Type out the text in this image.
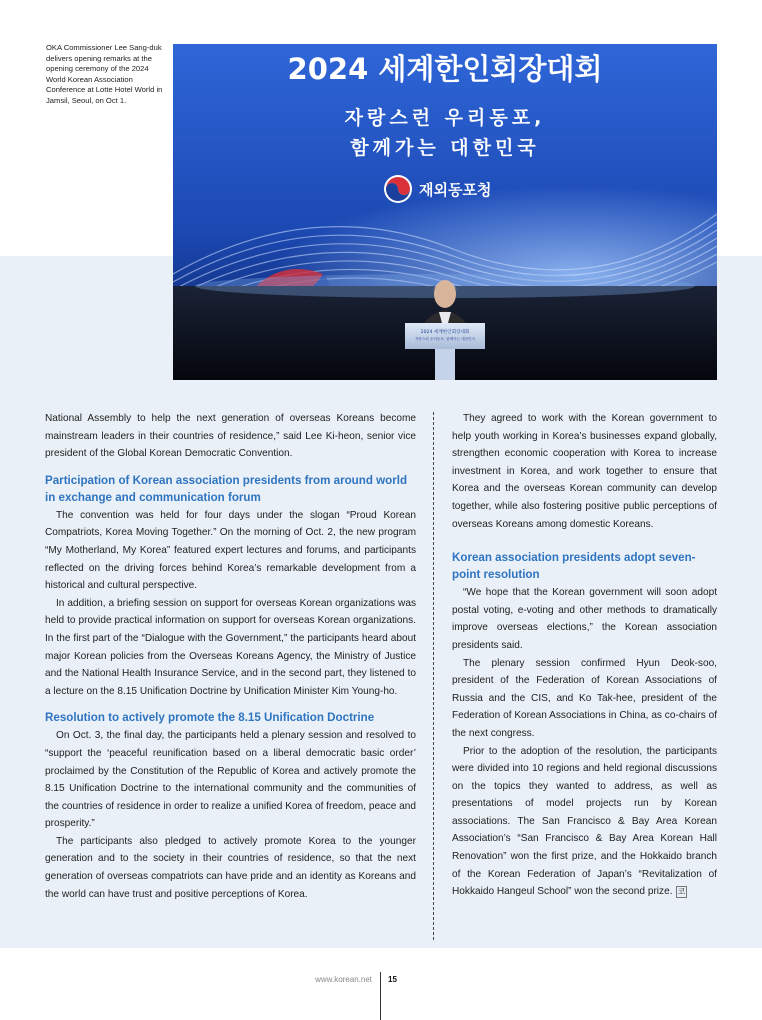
OKA Commissioner Lee Sang-duk delivers opening remarks at the opening ceremony of the 2024 World Korean Association Conference at Lotte Hotel World in Jamsil, Seoul, on Oct 1.
2024 세계한인회장대회
자랑스런 우리동포,
함께가는 대한민국
재외동포청
2024 세계한인회장대회
자랑스런 우리동포, 함께가는 대한민국

National Assembly to help the next generation of overseas Koreans become mainstream leaders in their countries of residence,” said Lee Ki-heon, senior vice president of the Global Korean Democratic Convention.

Participation of Korean association presidents from around world in exchange and communication forum

The convention was held for four days under the slogan “Proud Korean Compatriots, Korea Moving Together.” On the morning of Oct. 2, the new program “My Motherland, My Korea” featured expert lectures and forums, and participants reflected on the driving forces behind Korea’s remarkable development from a historical and cultural perspective.

In addition, a briefing session on support for overseas Korean organizations was held to provide practical information on support for overseas Korean organizations. In the first part of the “Dialogue with the Government,” the participants heard about major Korean policies from the Overseas Koreans Agency, the Ministry of Justice and the National Health Insurance Service, and in the second part, they listened to a lecture on the 8.15 Unification Doctrine by Unification Minister Kim Young-ho.

Resolution to actively promote the 8.15 Unification Doctrine

On Oct. 3, the final day, the participants held a plenary session and resolved to “support the ‘peaceful reunification based on a liberal democratic basic order’ proclaimed by the Constitution of the Republic of Korea and actively promote the 8.15 Unification Doctrine to the international community and the communities of the countries of residence in order to realize a unified Korea of freedom, peace and prosperity.”

The participants also pledged to actively promote Korea to the younger generation and to the society in their countries of residence, so that the next generation of overseas compatriots can have pride and an identity as Koreans and the world can have trust and positive perceptions of Korea.

They agreed to work with the Korean government to help youth working in Korea’s businesses expand globally, strengthen economic cooperation with Korea to increase investment in Korea, and work together to ensure that Korea and the overseas Korean community can develop together, while also fostering positive public perceptions of overseas Koreans among domestic Koreans.

Korean association presidents adopt seven-point resolution

“We hope that the Korean government will soon adopt postal voting, e-voting and other methods to dramatically improve overseas elections,” the Korean association presidents said.

The plenary session confirmed Hyun Deok-soo, president of the Federation of Korean Associations of Russia and the CIS, and Ko Tak-hee, president of the Federation of Korean Associations in China, as co-chairs of the next congress.

Prior to the adoption of the resolution, the participants were divided into 10 regions and held regional discussions on the topics they wanted to address, as well as presentations of model projects run by Korean associations. The San Francisco & Bay Area Korean Association’s “San Francisco & Bay Area Korean Hall Renovation” won the first prize, and the Hokkaido branch of the Korean Federation of Japan’s “Revitalization of Hokkaido Hangeul School” won the second prize. 코

www.korean.net 15
